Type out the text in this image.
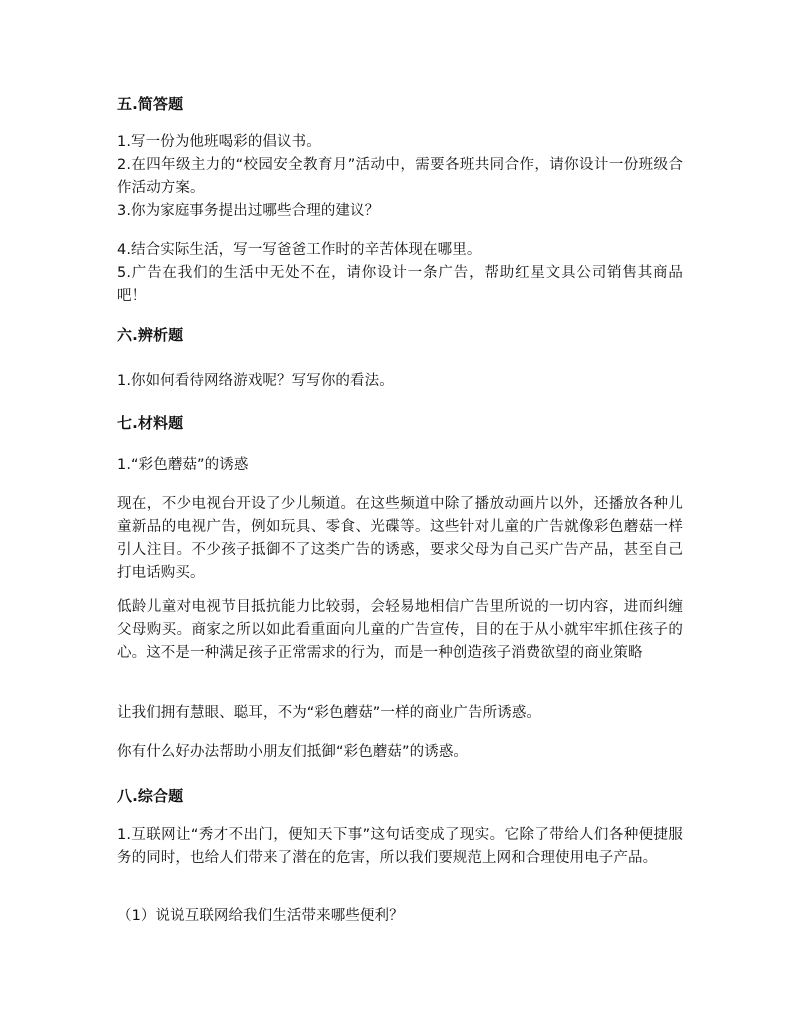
五.简答题
1.写一份为他班喝彩的倡议书。
2.在四年级主力的“校园安全教育月”活动中，需要各班共同合作，请你设计一份班级合作活动方案。
3.你为家庭事务提出过哪些合理的建议？
4.结合实际生活，写一写爸爸工作时的辛苦体现在哪里。
5.广告在我们的生活中无处不在，请你设计一条广告，帮助红星文具公司销售其商品吧！
六.辨析题
1.你如何看待网络游戏呢？写写你的看法。
七.材料题
1.“彩色蘑菇”的诱惑
现在，不少电视台开设了少儿频道。在这些频道中除了播放动画片以外，还播放各种儿童新品的电视广告，例如玩具、零食、光碟等。这些针对儿童的广告就像彩色蘑菇一样引人注目。不少孩子抵御不了这类广告的诱惑，要求父母为自己买广告产品，甚至自己打电话购买。
低龄儿童对电视节目抵抗能力比较弱，会轻易地相信广告里所说的一切内容，进而纠缠父母购买。商家之所以如此看重面向儿童的广告宣传，目的在于从小就牢牢抓住孩子的心。这不是一种满足孩子正常需求的行为，而是一种创造孩子消费欲望的商业策略
让我们拥有慧眼、聪耳，不为“彩色蘑菇”一样的商业广告所诱惑。
你有什么好办法帮助小朋友们抵御“彩色蘑菇”的诱惑。
八.综合题
1.互联网让“秀才不出门，便知天下事”这句话变成了现实。它除了带给人们各种便捷服务的同时，也给人们带来了潜在的危害，所以我们要规范上网和合理使用电子产品。
（1）说说互联网给我们生活带来哪些便利？
